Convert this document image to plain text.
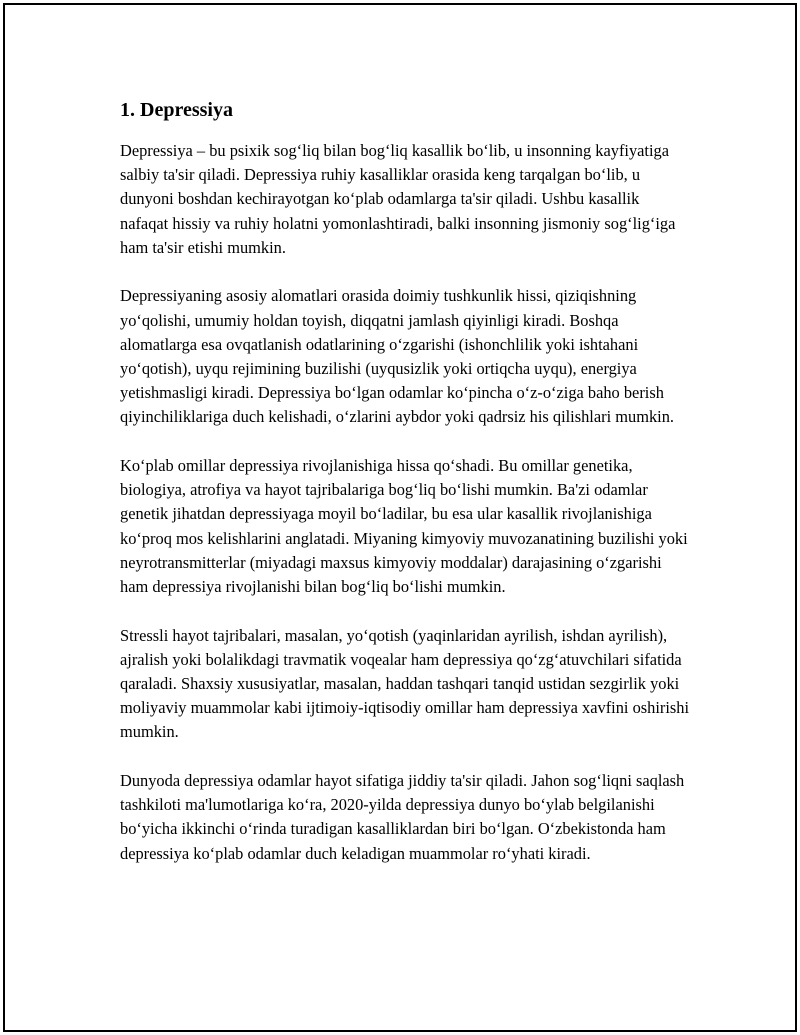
1. Depressiya

Depressiya – bu psixik sog‘liq bilan bog‘liq kasallik bo‘lib, u insonning kayfiyatiga salbiy ta'sir qiladi. Depressiya ruhiy kasalliklar orasida keng tarqalgan bo‘lib, u dunyoni boshdan kechirayotgan ko‘plab odamlarga ta'sir qiladi. Ushbu kasallik nafaqat hissiy va ruhiy holatni yomonlashtiradi, balki insonning jismoniy sog‘lig‘iga ham ta'sir etishi mumkin.

Depressiyaning asosiy alomatlari orasida doimiy tushkunlik hissi, qiziqishning yo‘qolishi, umumiy holdan toyish, diqqatni jamlash qiyinligi kiradi. Boshqa alomatlarga esa ovqatlanish odatlarining o‘zgarishi (ishonchlilik yoki ishtahani yo‘qotish), uyqu rejimining buzilishi (uyqusizlik yoki ortiqcha uyqu), energiya yetishmasligi kiradi. Depressiya bo‘lgan odamlar ko‘pincha o‘z-o‘ziga baho berish qiyinchiliklariga duch kelishadi, o‘zlarini aybdor yoki qadrsiz his qilishlari mumkin.

Ko‘plab omillar depressiya rivojlanishiga hissa qo‘shadi. Bu omillar genetika, biologiya, atrofiya va hayot tajribalariga bog‘liq bo‘lishi mumkin. Ba'zi odamlar genetik jihatdan depressiyaga moyil bo‘ladilar, bu esa ular kasallik rivojlanishiga ko‘proq mos kelishlarini anglatadi. Miyaning kimyoviy muvozanatining buzilishi yoki neyrotransmitterlar (miyadagi maxsus kimyoviy moddalar) darajasining o‘zgarishi ham depressiya rivojlanishi bilan bog‘liq bo‘lishi mumkin.

Stressli hayot tajribalari, masalan, yo‘qotish (yaqinlaridan ayrilish, ishdan ayrilish), ajralish yoki bolalikdagi travmatik voqealar ham depressiya qo‘zg‘atuvchilari sifatida qaraladi. Shaxsiy xususiyatlar, masalan, haddan tashqari tanqid ustidan sezgirlik yoki moliyaviy muammolar kabi ijtimoiy-iqtisodiy omillar ham depressiya xavfini oshirishi mumkin.

Dunyoda depressiya odamlar hayot sifatiga jiddiy ta'sir qiladi. Jahon sog‘liqni saqlash tashkiloti ma'lumotlariga ko‘ra, 2020-yilda depressiya dunyo bo‘ylab belgilanishi bo‘yicha ikkinchi o‘rinda turadigan kasalliklardan biri bo‘lgan. O‘zbekistonda ham depressiya ko‘plab odamlar duch keladigan muammolar ro‘yhati kiradi.
